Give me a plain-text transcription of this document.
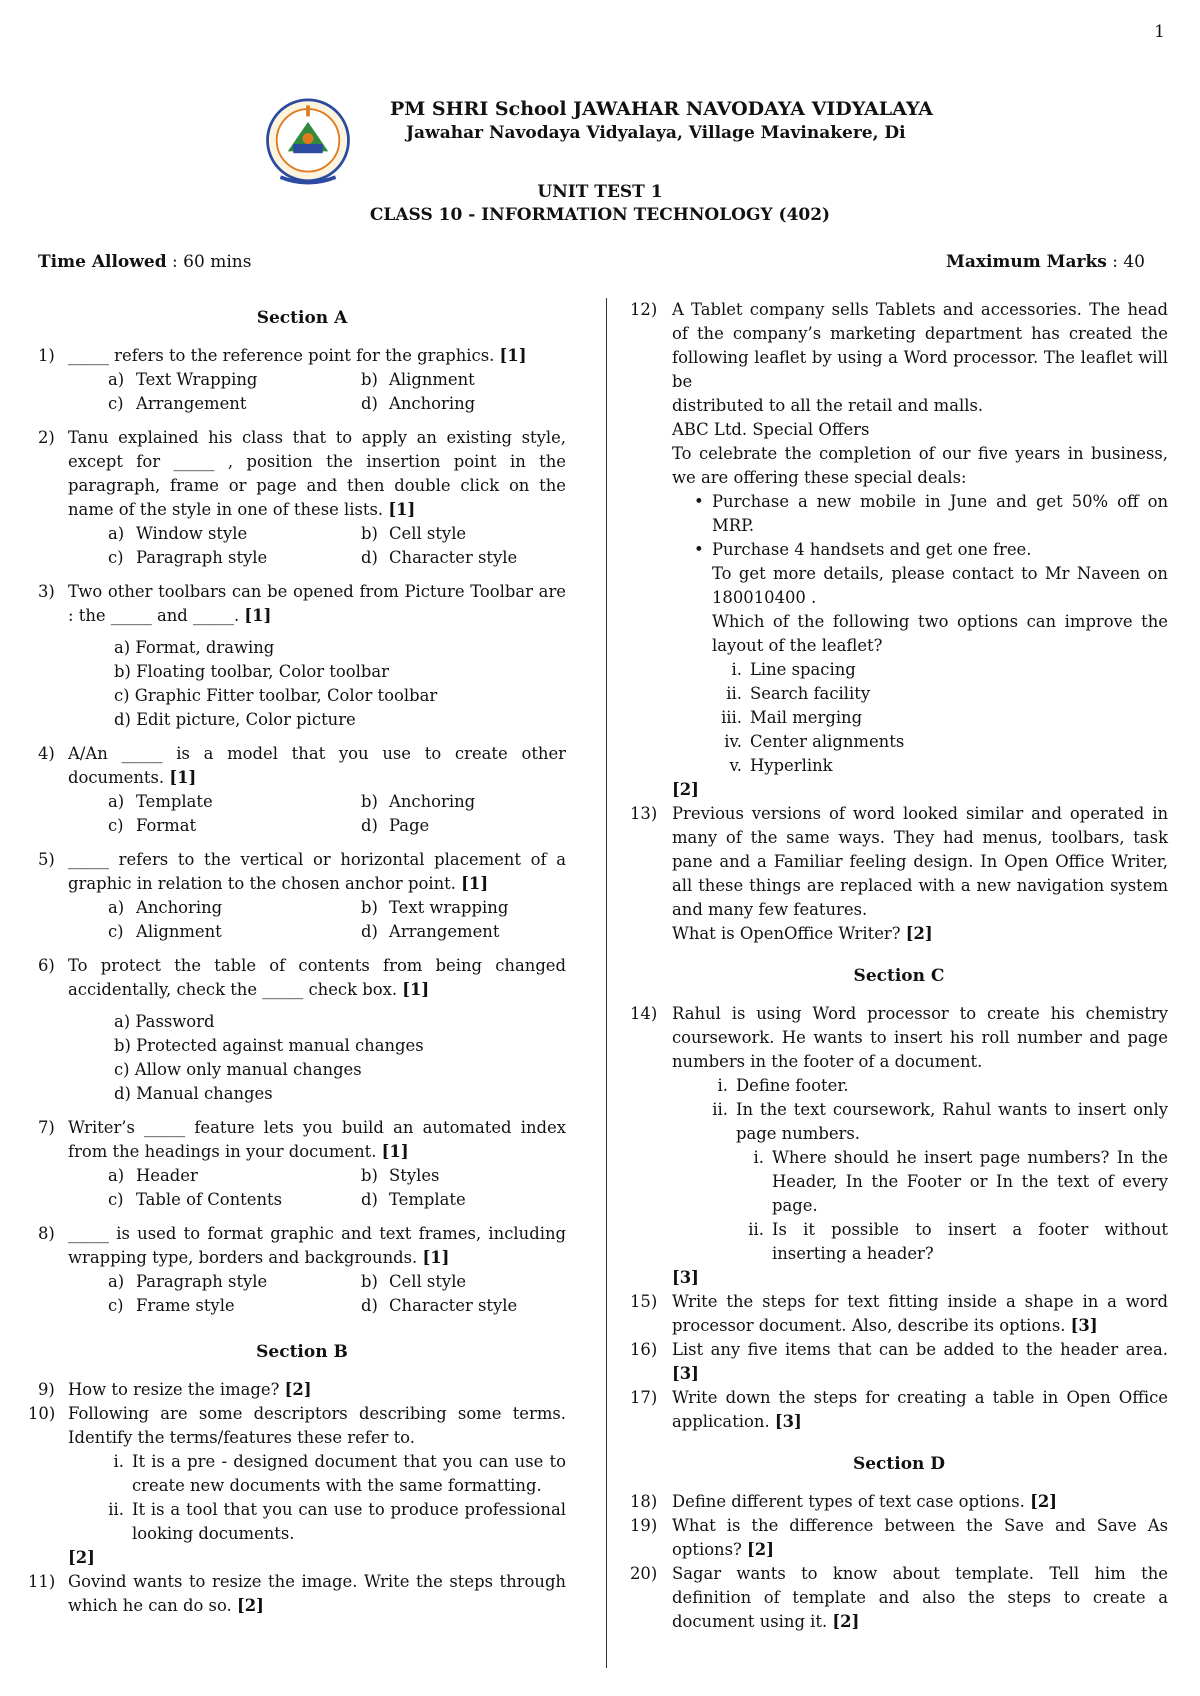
1
PM SHRI School JAWAHAR NAVODAYA VIDYALAYA
Jawahar Navodaya Vidyalaya, Village Mavinakere, Di
UNIT TEST 1
CLASS 10 - INFORMATION TECHNOLOGY (402)
Time Allowed : 60 mins	Maximum Marks : 40
Section A
1) _____ refers to the reference point for the graphics. [1]
a) Text Wrapping	b) Alignment
c) Arrangement	d) Anchoring
2) Tanu explained his class that to apply an existing style, except for _____ , position the insertion point in the paragraph, frame or page and then double click on the name of the style in one of these lists. [1]
a) Window style	b) Cell style
c) Paragraph style	d) Character style
3) Two other toolbars can be opened from Picture Toolbar are : the _____ and _____. [1]
a) Format, drawing
b) Floating toolbar, Color toolbar
c) Graphic Fitter toolbar, Color toolbar
d) Edit picture, Color picture
4) A/An _____ is a model that you use to create other documents. [1]
a) Template	b) Anchoring
c) Format	d) Page
5) _____ refers to the vertical or horizontal placement of a graphic in relation to the chosen anchor point. [1]
a) Anchoring	b) Text wrapping
c) Alignment	d) Arrangement
6) To protect the table of contents from being changed accidentally, check the _____ check box. [1]
a) Password
b) Protected against manual changes
c) Allow only manual changes
d) Manual changes
7) Writer’s _____ feature lets you build an automated index from the headings in your document. [1]
a) Header	b) Styles
c) Table of Contents	d) Template
8) _____ is used to format graphic and text frames, including wrapping type, borders and backgrounds. [1]
a) Paragraph style	b) Cell style
c) Frame style	d) Character style
Section B
9) How to resize the image? [2]
10) Following are some descriptors describing some terms. Identify the terms/features these refer to.
i. It is a pre - designed document that you can use to create new documents with the same formatting.
ii. It is a tool that you can use to produce professional looking documents.
[2]
11) Govind wants to resize the image. Write the steps through which he can do so. [2]
12) A Tablet company sells Tablets and accessories. The head of the company’s marketing department has created the following leaflet by using a Word processor. The leaflet will be
distributed to all the retail and malls.
ABC Ltd. Special Offers
To celebrate the completion of our five years in business, we are offering these special deals:
• Purchase a new mobile in June and get 50% off on MRP.
• Purchase 4 handsets and get one free.
To get more details, please contact to Mr Naveen on 180010400 .
Which of the following two options can improve the layout of the leaflet?
i. Line spacing
ii. Search facility
iii. Mail merging
iv. Center alignments
v. Hyperlink
[2]
13) Previous versions of word looked similar and operated in many of the same ways. They had menus, toolbars, task pane and a Familiar feeling design. In Open Office Writer, all these things are replaced with a new navigation system and many few features.
What is OpenOffice Writer? [2]
Section C
14) Rahul is using Word processor to create his chemistry coursework. He wants to insert his roll number and page numbers in the footer of a document.
i. Define footer.
ii. In the text coursework, Rahul wants to insert only page numbers.
i. Where should he insert page numbers? In the Header, In the Footer or In the text of every page.
ii. Is it possible to insert a footer without inserting a header?
[3]
15) Write the steps for text fitting inside a shape in a word processor document. Also, describe its options. [3]
16) List any five items that can be added to the header area. [3]
17) Write down the steps for creating a table in Open Office application. [3]
Section D
18) Define different types of text case options. [2]
19) What is the difference between the Save and Save As options? [2]
20) Sagar wants to know about template. Tell him the definition of template and also the steps to create a document using it. [2]
